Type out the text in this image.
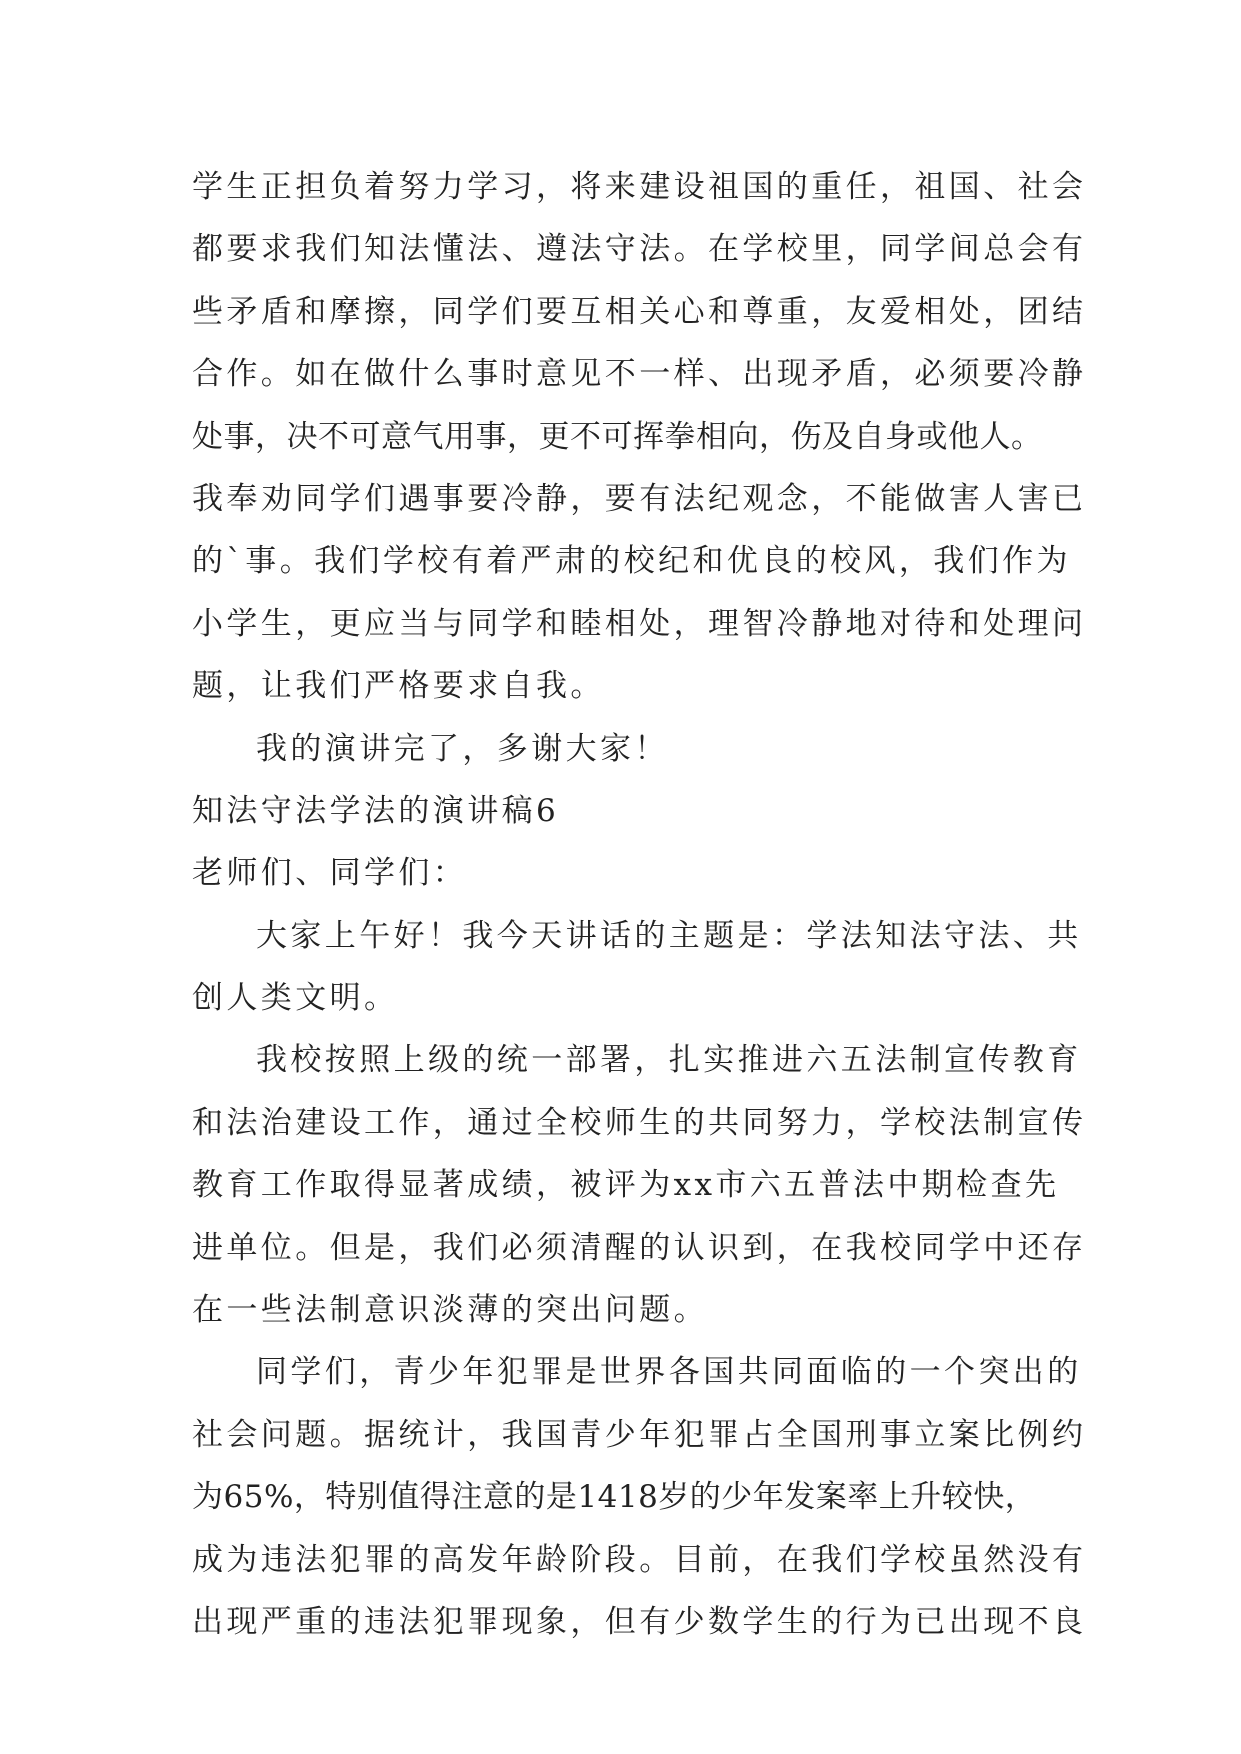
学生正担负着努力学习，将来建设祖国的重任，祖国、社会
都要求我们知法懂法、遵法守法。在学校里，同学间总会有
些矛盾和摩擦，同学们要互相关心和尊重，友爱相处，团结
合作。如在做什么事时意见不一样、出现矛盾，必须要冷静
处事，决不可意气用事，更不可挥拳相向，伤及自身或他人。
我奉劝同学们遇事要冷静，要有法纪观念，不能做害人害已
的`事。我们学校有着严肃的校纪和优良的校风，我们作为
小学生，更应当与同学和睦相处，理智冷静地对待和处理问
题，让我们严格要求自我。
我的演讲完了，多谢大家！
知法守法学法的演讲稿6
老师们、同学们：
大家上午好！我今天讲话的主题是：学法知法守法、共
创人类文明。
我校按照上级的统一部署，扎实推进六五法制宣传教育
和法治建设工作，通过全校师生的共同努力，学校法制宣传
教育工作取得显著成绩，被评为xx市六五普法中期检查先
进单位。但是，我们必须清醒的认识到，在我校同学中还存
在一些法制意识淡薄的突出问题。
同学们，青少年犯罪是世界各国共同面临的一个突出的
社会问题。据统计，我国青少年犯罪占全国刑事立案比例约
为65%，特别值得注意的是1418岁的少年发案率上升较快，
成为违法犯罪的高发年龄阶段。目前，在我们学校虽然没有
出现严重的违法犯罪现象，但有少数学生的行为已出现不良
